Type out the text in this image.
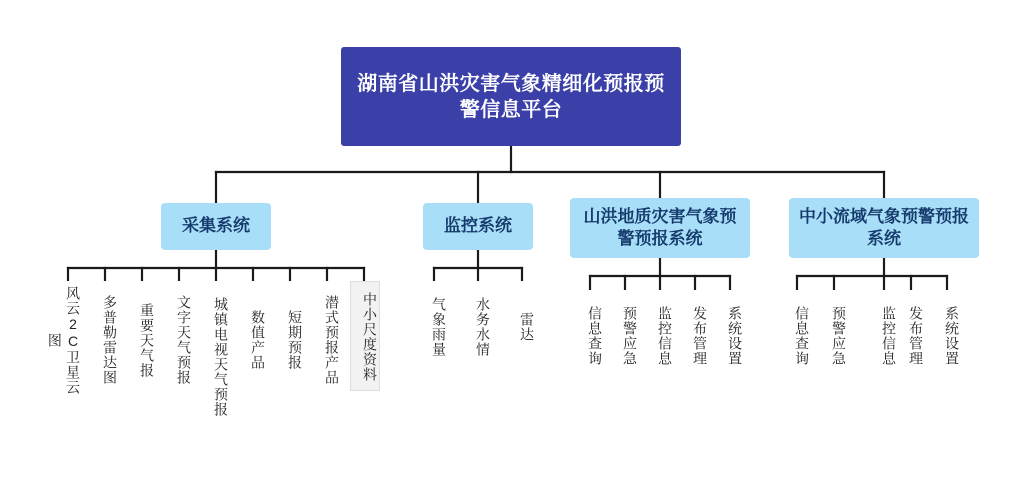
湖南省山洪灾害气象精细化预报预警信息平台
采集系统	监控系统
山洪地质灾害气象预警预报系统
中小流域气象预警预报系统
风云2C卫星云图	多普勒雷达图 重要天气报 文字天气预报 城镇电视天气预报 数值产品 短期预报 潜式预报产品 中小尺度资料	气象雨量 水务水情 雷达	信息查询 预警应急 监控信息 发布管理 系统设置	信息查询 预警应急 监控信息 发布管理 系统设置
